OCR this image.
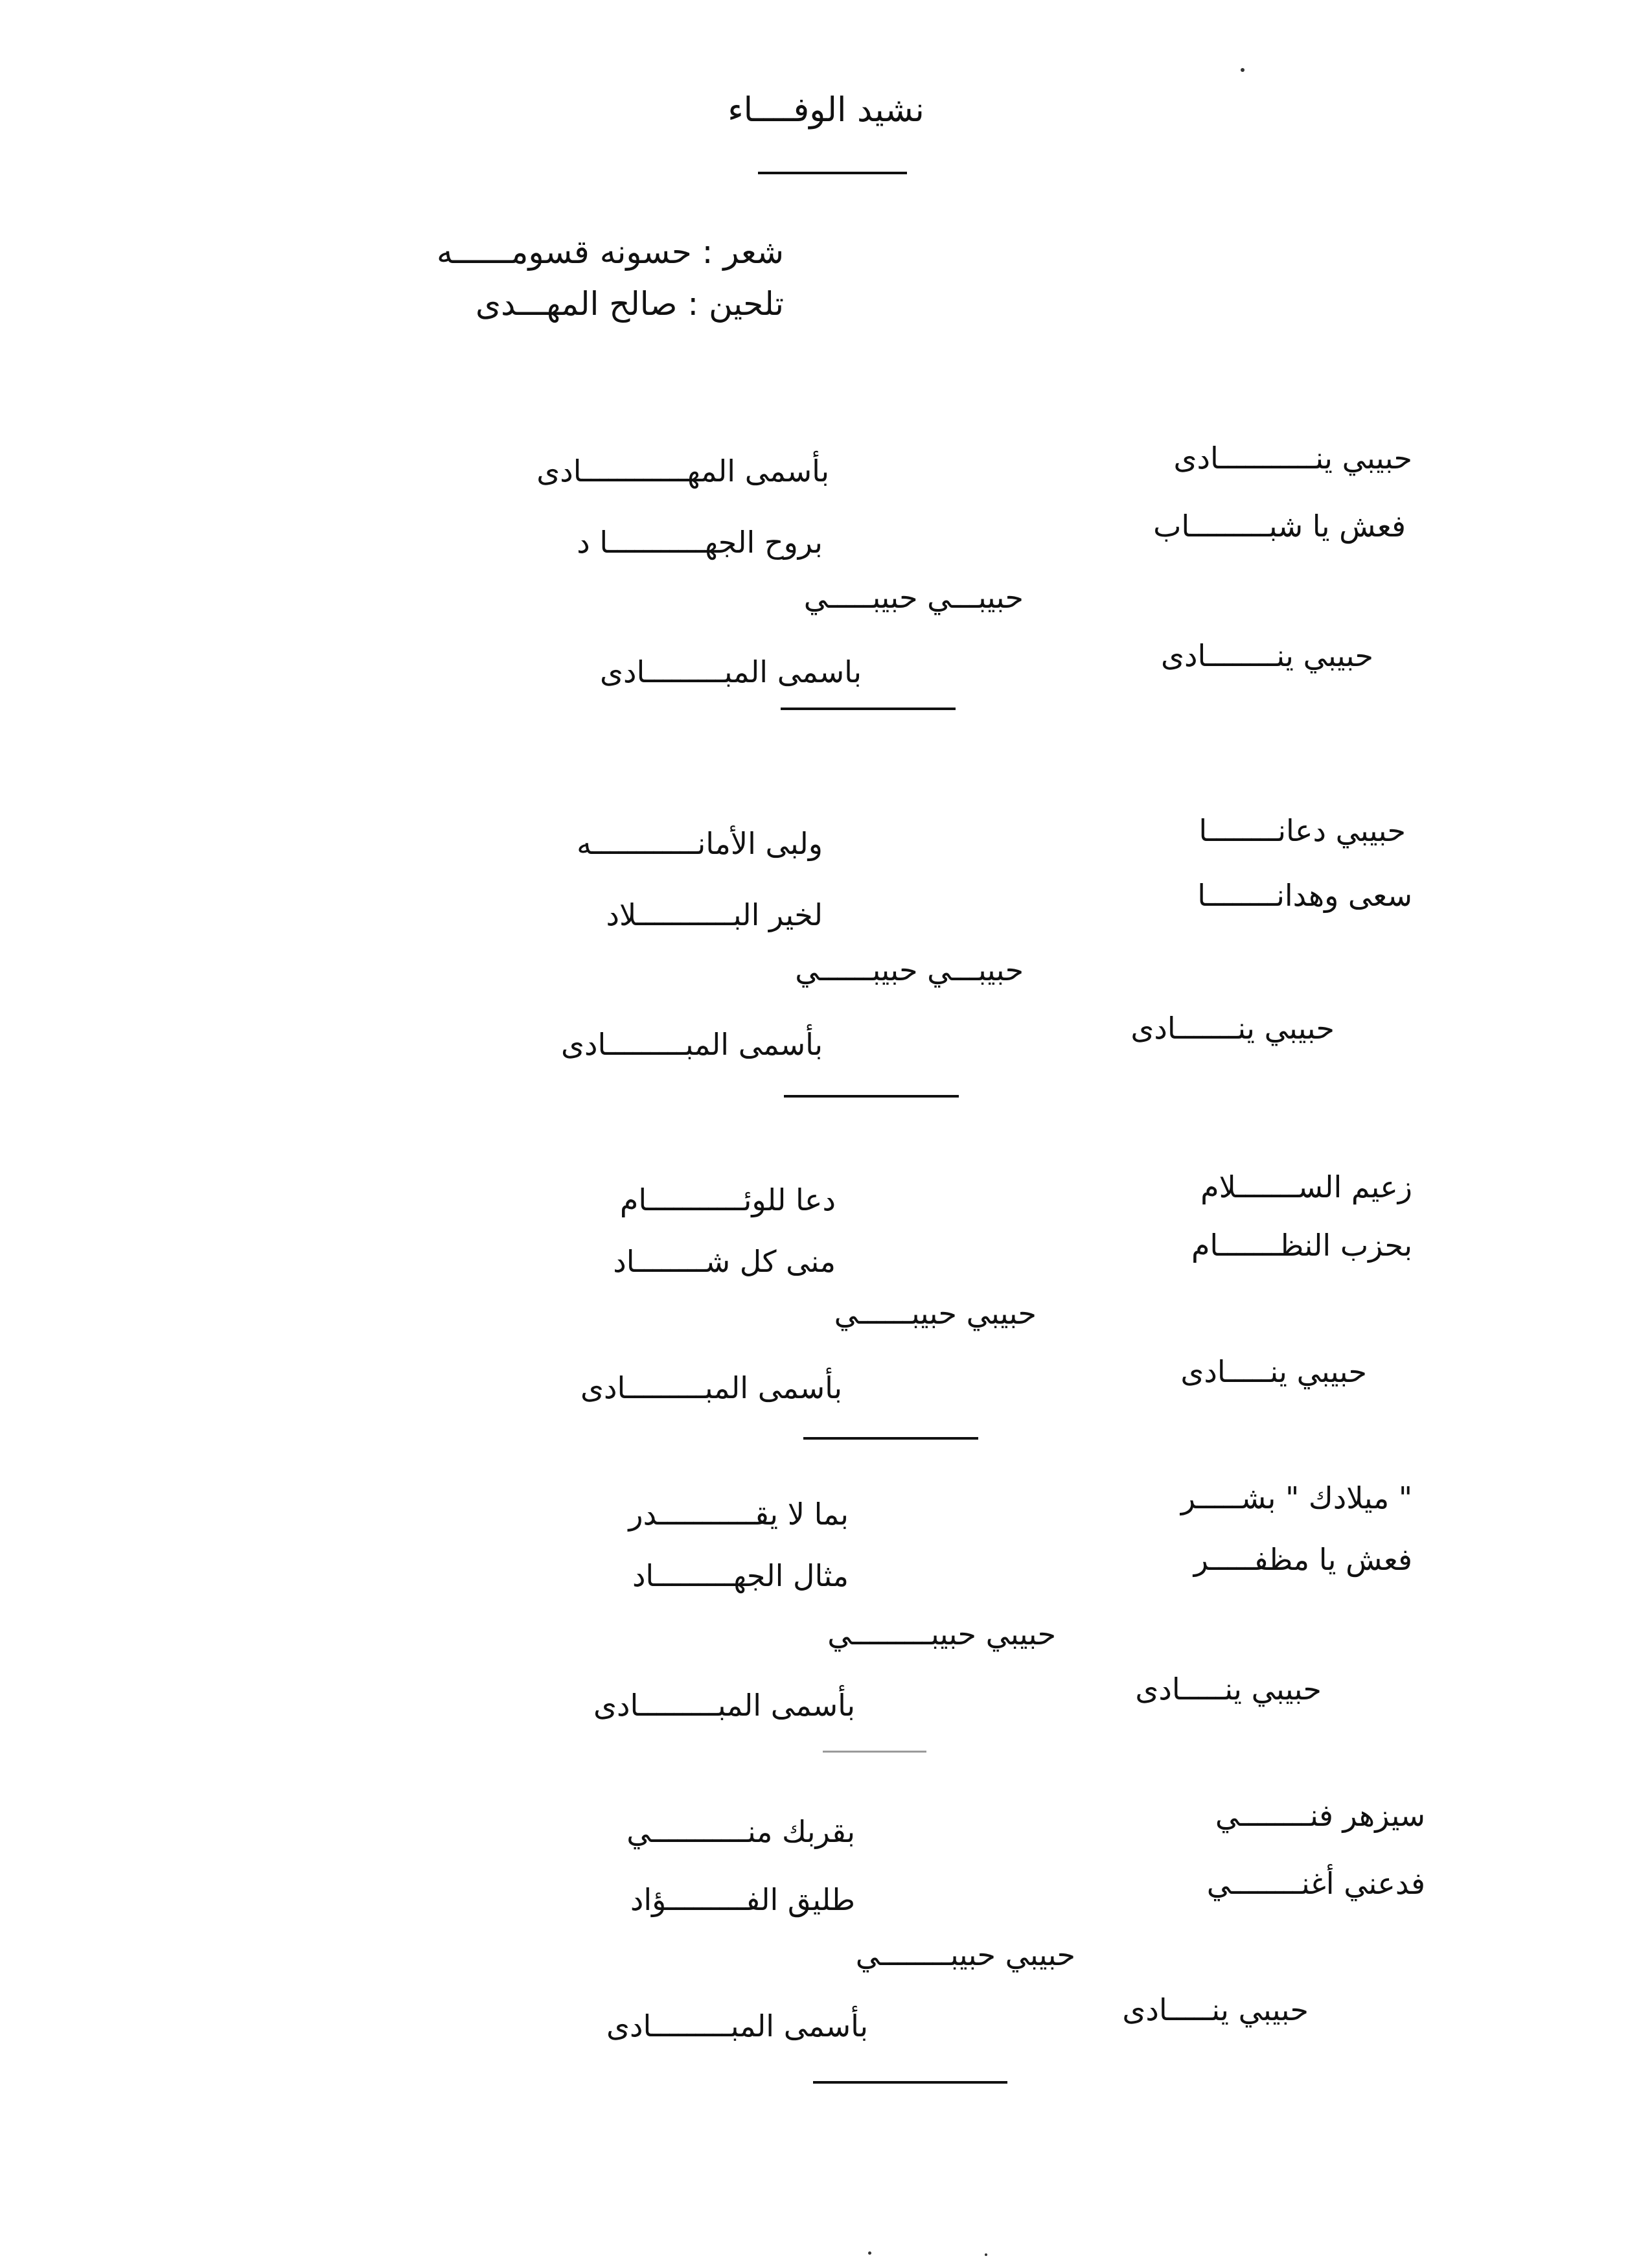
نشيد الوفــــاء
شعر : حسونه قسومــــــه
تلحين : صالح المهـــدى
حبيبي ينـــــــــــادى
بأسمى المهــــــــــــادى
فعش يا شبـــــــــاب
بروح الجهـــــــــــا د
حبيبـــي حبيبـــــي
حبيبي ينــــــــادى
باسمى المبـــــــــادى
حبيبي دعانــــــــا
ولبى الأمانــــــــــــه
سعى وهدانــــــــا
لخير البـــــــــــلاد
حبيبـــي حبيبــــــي
حبيبي ينـــــــادى
بأسمى المبـــــــــادى
زعيم الســـــــلام
دعا للوئـــــــــــام
بحزب النظـــــــام
منى كل شــــــــاد
حبيبي حبيبــــــي
حبيبي ينـــــادى
بأسمى المبـــــــــادى
" ميلادك " بشـــــر
بما لا يقـــــــــــدر
فعش يا مظفـــــر
مثال الجهـــــــــاد
حبيبي حبيبـــــــــي
حبيبي ينـــــادى
بأسمى المبـــــــــادى
سيزهر فنــــــــي
بقربك منـــــــــــي
فدعني أغنــــــــي
طليق الفـــــــــؤاد
حبيبي حبيبــــــــي
حبيبي ينـــــادى
بأسمى المبـــــــــادى
